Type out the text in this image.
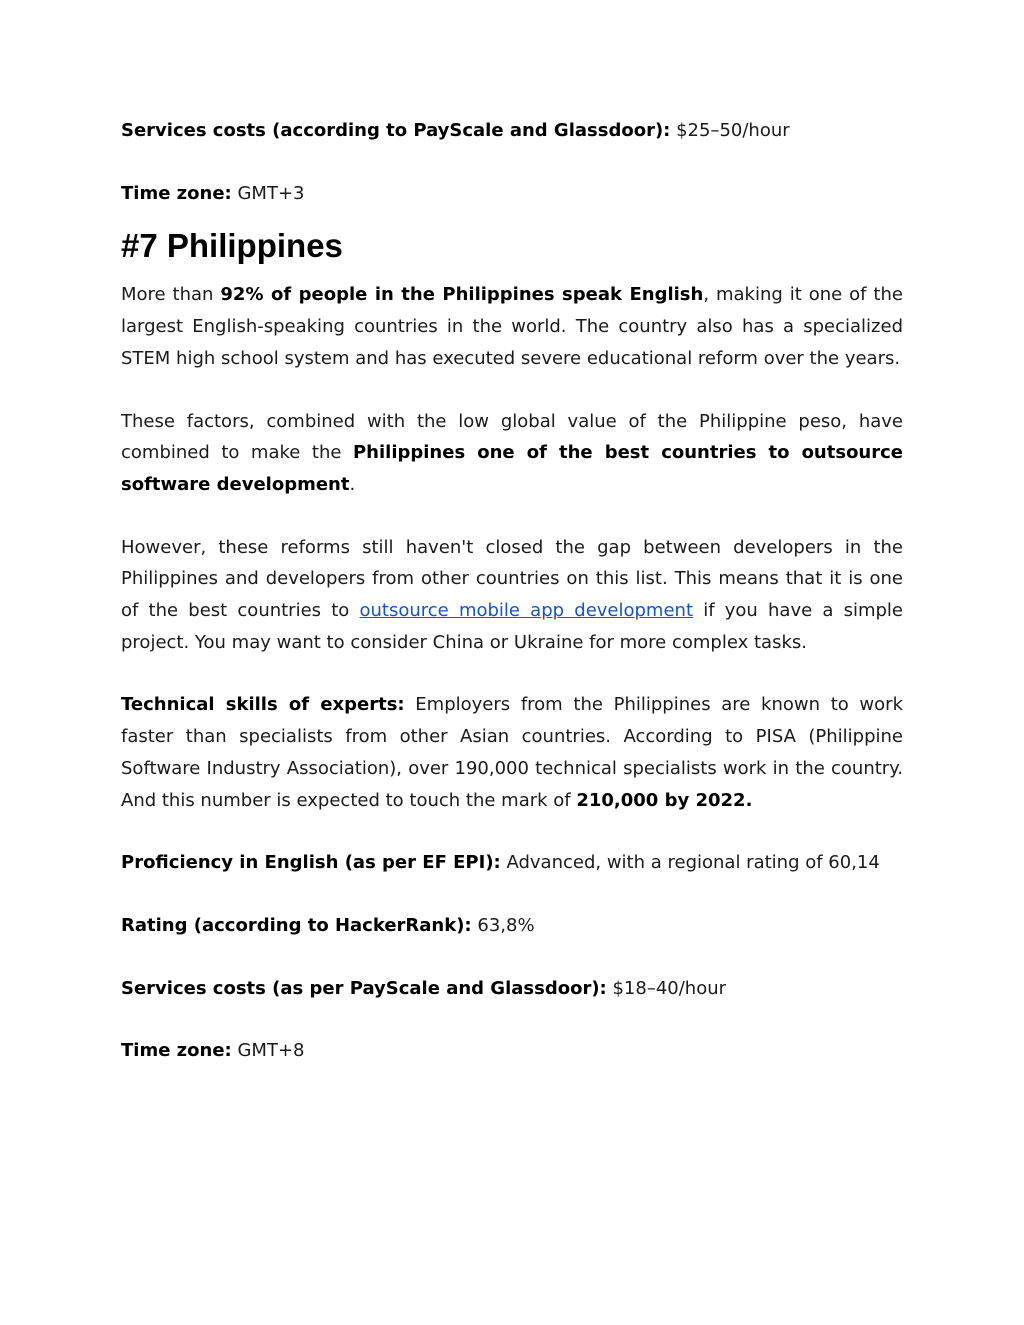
Services costs (according to PayScale and Glassdoor): $25–50/hour

Time zone: GMT+3

#7 Philippines

More than 92% of people in the Philippines speak English, making it one of the largest English-speaking countries in the world. The country also has a specialized STEM high school system and has executed severe educational reform over the years.

These factors, combined with the low global value of the Philippine peso, have combined to make the Philippines one of the best countries to outsource software development.

However, these reforms still haven't closed the gap between developers in the Philippines and developers from other countries on this list. This means that it is one of the best countries to outsource mobile app development if you have a simple project. You may want to consider China or Ukraine for more complex tasks.

Technical skills of experts: Employers from the Philippines are known to work faster than specialists from other Asian countries. According to PISA (Philippine Software Industry Association), over 190,000 technical specialists work in the country. And this number is expected to touch the mark of 210,000 by 2022.

Proficiency in English (as per EF EPI): Advanced, with a regional rating of 60,14

Rating (according to HackerRank): 63,8%

Services costs (as per PayScale and Glassdoor): $18–40/hour

Time zone: GMT+8
